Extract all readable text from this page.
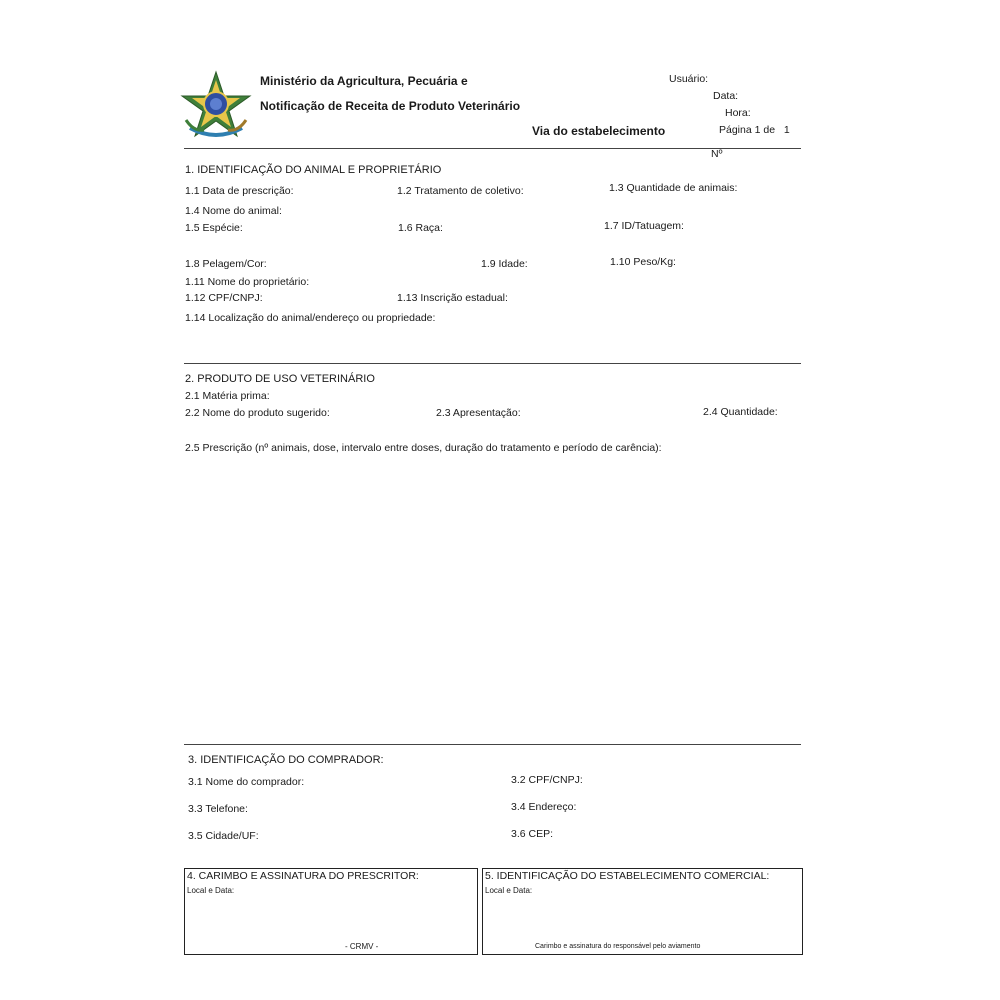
Ministério da Agricultura, Pecuária e
Notificação de Receita de Produto Veterinário
Via do estabelecimento
Usuário:
Data:
Hora:
Página 1 de 1
Nº
1. IDENTIFICAÇÃO DO ANIMAL E PROPRIETÁRIO
1.1 Data de prescrição:	1.2 Tratamento de coletivo:	1.3 Quantidade de animais:
1.4 Nome do animal:
1.5 Espécie:	1.6 Raça:	1.7 ID/Tatuagem:
1.8 Pelagem/Cor:	1.9 Idade:	1.10 Peso/Kg:
1.11 Nome do proprietário:
1.12 CPF/CNPJ:	1.13 Inscrição estadual:
1.14 Localização do animal/endereço ou propriedade:
2. PRODUTO DE USO VETERINÁRIO
2.1 Matéria prima:
2.2 Nome do produto sugerido:	2.3 Apresentação:	2.4 Quantidade:
2.5 Prescrição (nº animais, dose, intervalo entre doses, duração do tratamento e período de carência):
3. IDENTIFICAÇÃO DO COMPRADOR:
3.1 Nome do comprador:	3.2 CPF/CNPJ:
3.3 Telefone:	3.4 Endereço:
3.5 Cidade/UF:	3.6 CEP:
4. CARIMBO E ASSINATURA DO PRESCRITOR:
Local e Data:
- CRMV -
5. IDENTIFICAÇÃO DO ESTABELECIMENTO COMERCIAL:
Local e Data:
Carimbo e assinatura do responsável pelo aviamento
